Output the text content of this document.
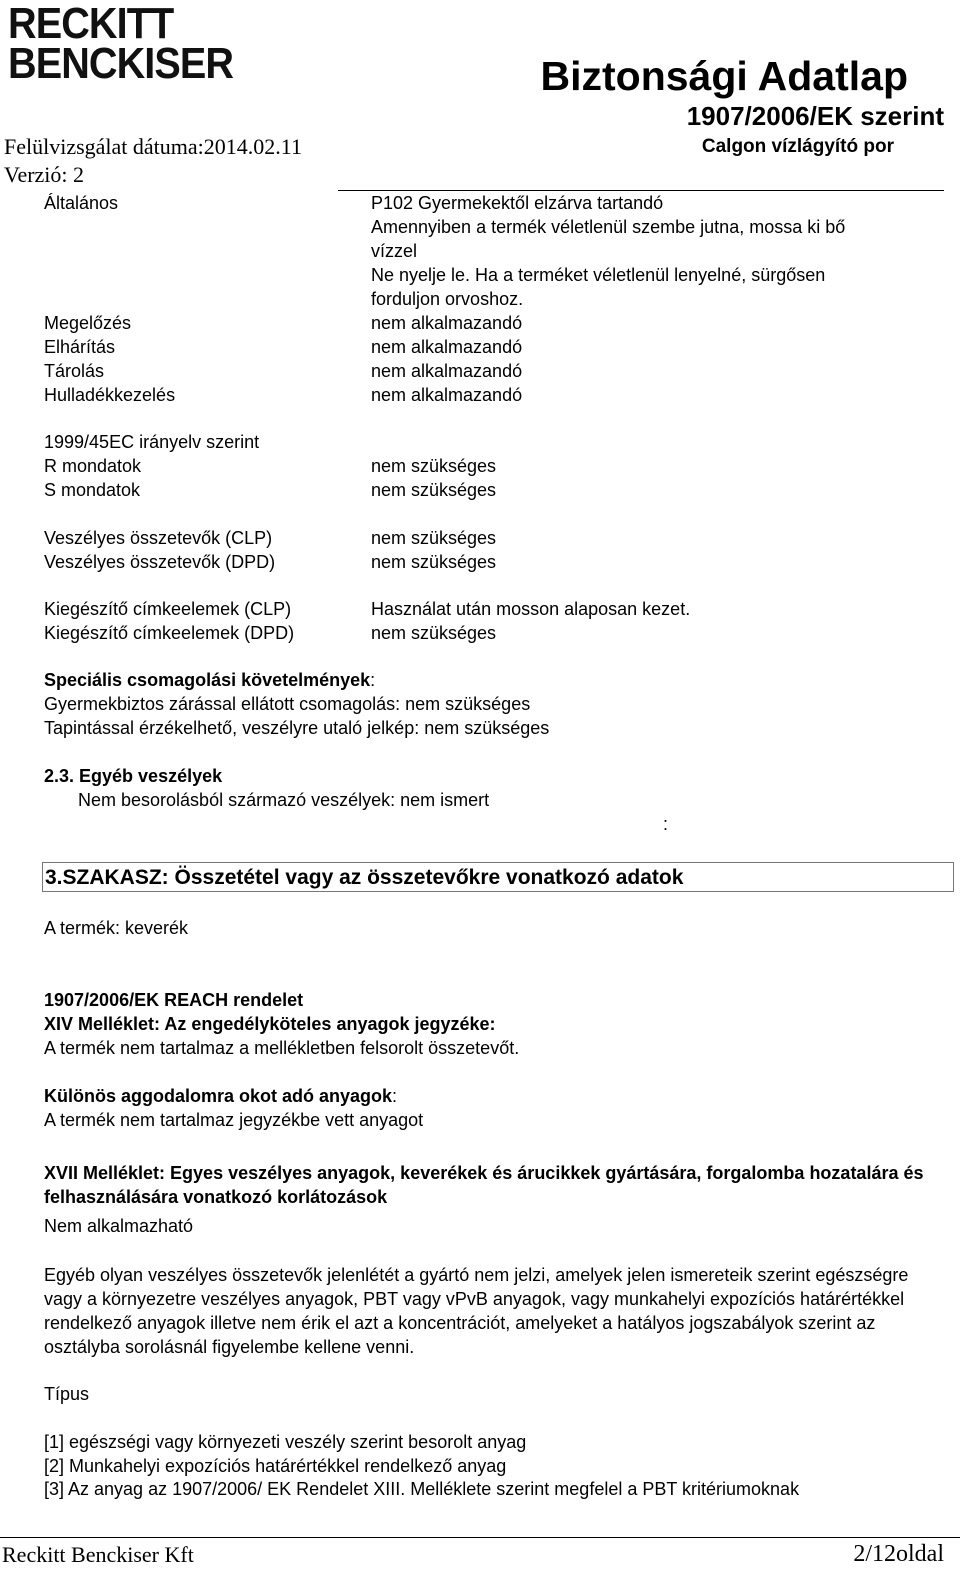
RECKITT
BENCKISER	Biztonsági Adatlap
1907/2006/EK szerint
Calgon vízlágyító por
Felülvizsgálat dátuma:2014.02.11
Verzió: 2
Általános	P102 Gyermekektől elzárva tartandó
Amennyiben a termék véletlenül szembe jutna, mossa ki bő
vízzel
Ne nyelje le. Ha a terméket véletlenül lenyelné, sürgősen
forduljon orvoshoz.
Megelőzés	nem alkalmazandó
Elhárítás	nem alkalmazandó
Tárolás	nem alkalmazandó
Hulladékkezelés	nem alkalmazandó
1999/45EC irányelv szerint
R mondatok	nem szükséges
S mondatok	nem szükséges
Veszélyes összetevők (CLP)	nem szükséges
Veszélyes összetevők (DPD)	nem szükséges
Kiegészítő címkeelemek (CLP)	Használat után mosson alaposan kezet.
Kiegészítő címkeelemek (DPD)	nem szükséges
Speciális csomagolási követelmények:
Gyermekbiztos zárással ellátott csomagolás: nem szükséges
Tapintással érzékelhető, veszélyre utaló jelkép: nem szükséges
2.3. Egyéb veszélyek
Nem besorolásból származó veszélyek: nem ismert
:
3.SZAKASZ: Összetétel vagy az összetevőkre vonatkozó adatok
A termék: keverék
1907/2006/EK REACH rendelet
XIV Melléklet: Az engedélyköteles anyagok jegyzéke:
A termék nem tartalmaz a mellékletben felsorolt összetevőt.
Különös aggodalomra okot adó anyagok:
A termék nem tartalmaz jegyzékbe vett anyagot
XVII Melléklet: Egyes veszélyes anyagok, keverékek és árucikkek gyártására, forgalomba hozatalára és felhasználására vonatkozó korlátozások
Nem alkalmazható
Egyéb olyan veszélyes összetevők jelenlétét a gyártó nem jelzi, amelyek jelen ismereteik szerint egészségre vagy a környezetre veszélyes anyagok, PBT vagy vPvB anyagok, vagy munkahelyi expozíciós határértékkel rendelkező anyagok illetve nem érik el azt a koncentrációt, amelyeket a hatályos jogszabályok szerint az osztályba sorolásnál figyelembe kellene venni.
Típus
[1] egészségi vagy környezeti veszély szerint besorolt anyag
[2] Munkahelyi expozíciós határértékkel rendelkező anyag
[3] Az anyag az 1907/2006/ EK Rendelet XIII. Melléklete szerint megfelel a PBT kritériumoknak
Reckitt Benckiser Kft	2/12oldal
